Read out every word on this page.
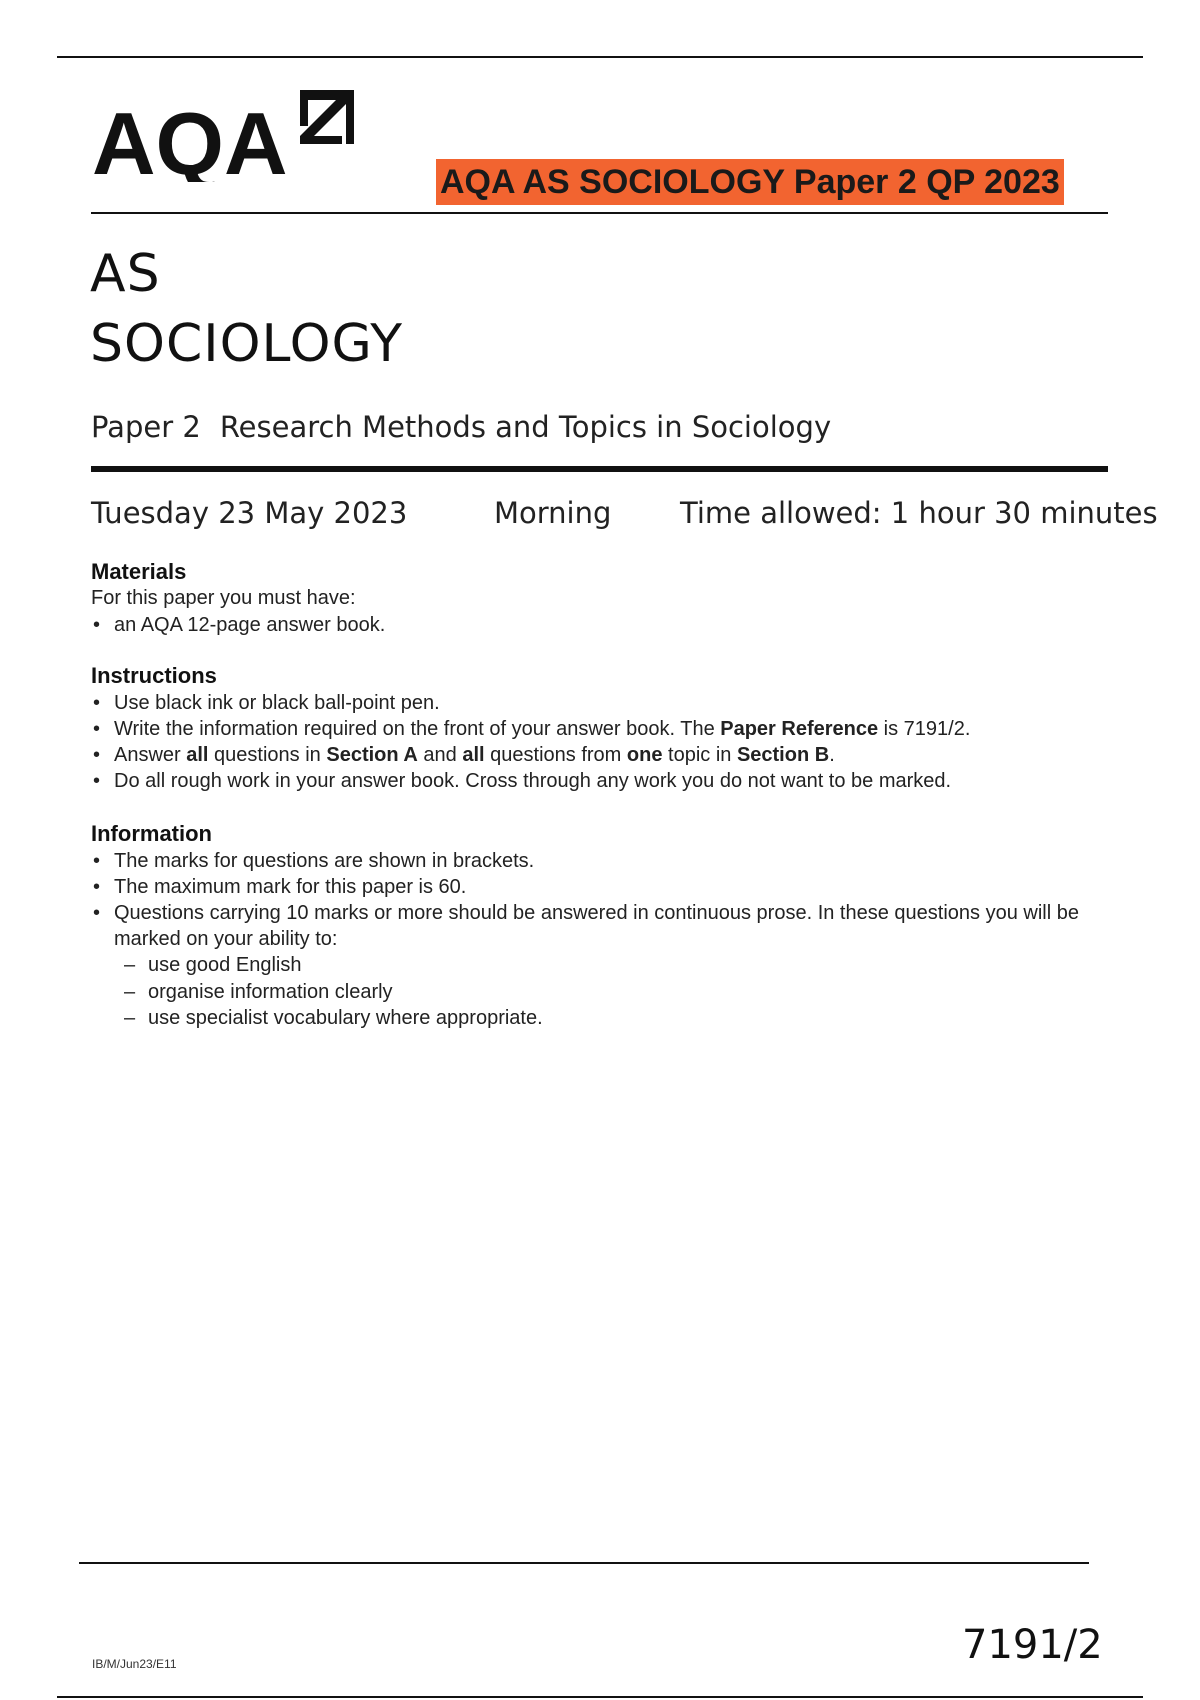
AQA	AQA AS SOCIOLOGY Paper 2 QP 2023
AS
SOCIOLOGY
Paper 2 Research Methods and Topics in Sociology
Tuesday 23 May 2023	Morning Time allowed: 1 hour 30 minutes
Materials
For this paper you must have:
• an AQA 12-page answer book.
Instructions
• Use black ink or black ball-point pen.
• Write the information required on the front of your answer book. The Paper Reference is 7191/2.
• Answer all questions in Section A and all questions from one topic in Section B.
• Do all rough work in your answer book. Cross through any work you do not want to be marked.
Information
• The marks for questions are shown in brackets.
• The maximum mark for this paper is 60.
• Questions carrying 10 marks or more should be answered in continuous prose. In these questions you will be marked on your ability to:
– use good English
– organise information clearly
– use specialist vocabulary where appropriate.
IB/M/Jun23/E11	7191/2
